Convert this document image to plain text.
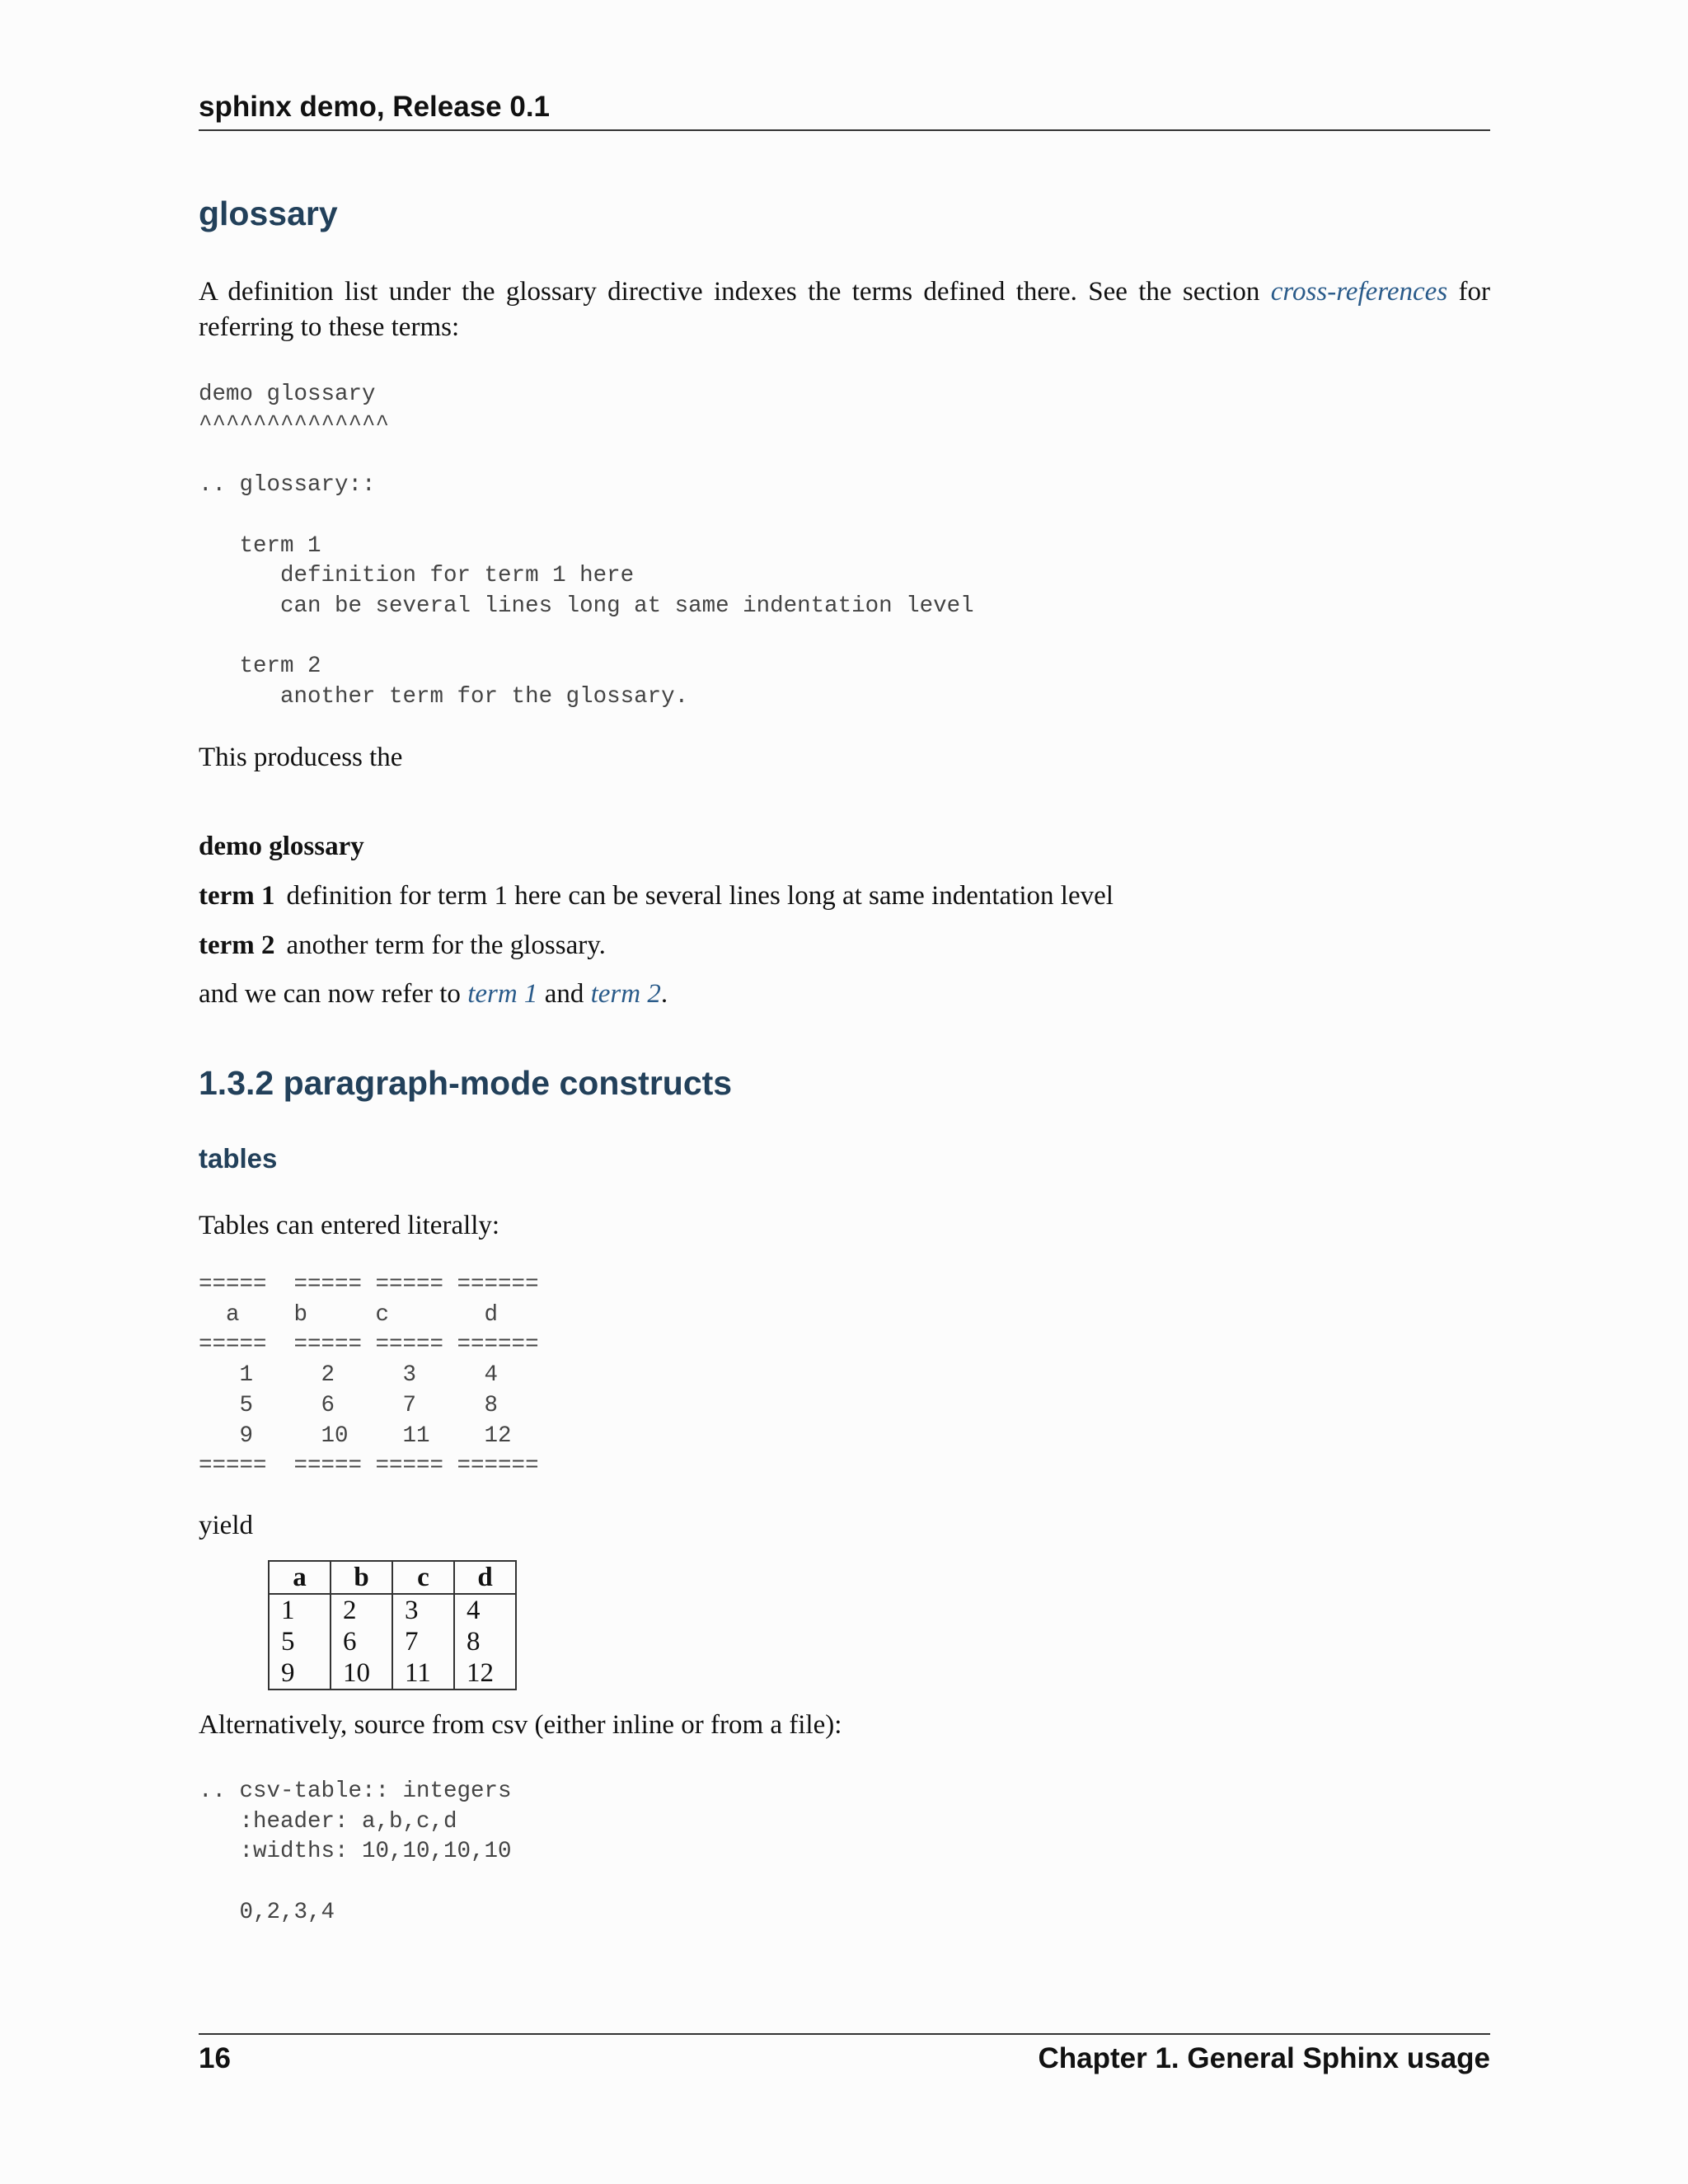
sphinx demo, Release 0.1
glossary
A definition list under the glossary directive indexes the terms defined there. See the section cross-references for referring to these terms:
demo glossary
^^^^^^^^^^^^^^

.. glossary::

term 1
definition for term 1 here
can be several lines long at same indentation level

term 2
another term for the glossary.
This producess the
demo glossary
term 1 definition for term 1 here can be several lines long at same indentation level
term 2 another term for the glossary.
and we can now refer to term 1 and term 2.
1.3.2 paragraph-mode constructs
tables
Tables can entered literally:
=====  ===== ===== ======
a    b     c       d
=====  ===== ===== ======
1     2     3     4
5     6     7     8
9     10    11    12
=====  ===== ===== ======
yield
a	b	c	d
1	2	3	4
5	6	7	8
9	10	11	12
Alternatively, source from csv (either inline or from a file):
.. csv-table:: integers
:header: a,b,c,d
:widths: 10,10,10,10

0,2,3,4
16	Chapter 1. General Sphinx usage
